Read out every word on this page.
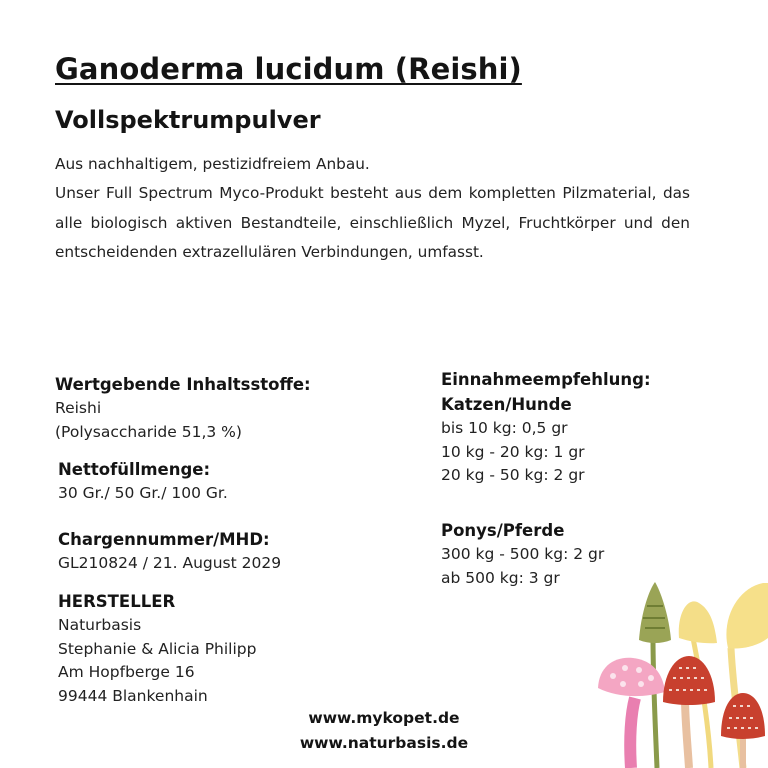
Ganoderma lucidum (Reishi)
Vollspektrumpulver

Aus nachhaltigem, pestizidfreiem Anbau.

Unser Full Spectrum Myco-Produkt besteht aus dem kompletten Pilzmaterial, das alle biologisch aktiven Bestandteile, einschließlich Myzel, Fruchtkörper und den entscheidenden extrazellulären Verbindungen, umfasst.

Wertgebende Inhaltsstoffe:
Reishi
(Polysaccharide 51,3 %)
Nettofüllmenge:
30 Gr./ 50 Gr./ 100 Gr.
Chargennummer/MHD:
GL210824 / 21. August 2029
HERSTELLER
Naturbasis
Stephanie & Alicia Philipp
Am Hopfberge 16
99444 Blankenhain
Einnahmeempfehlung:
Katzen/Hunde
bis 10 kg: 0,5 gr
10 kg - 20 kg: 1 gr
20 kg - 50 kg: 2 gr
Ponys/Pferde
300 kg - 500 kg: 2 gr
ab 500 kg: 3 gr
www.mykopet.de
www.naturbasis.de
